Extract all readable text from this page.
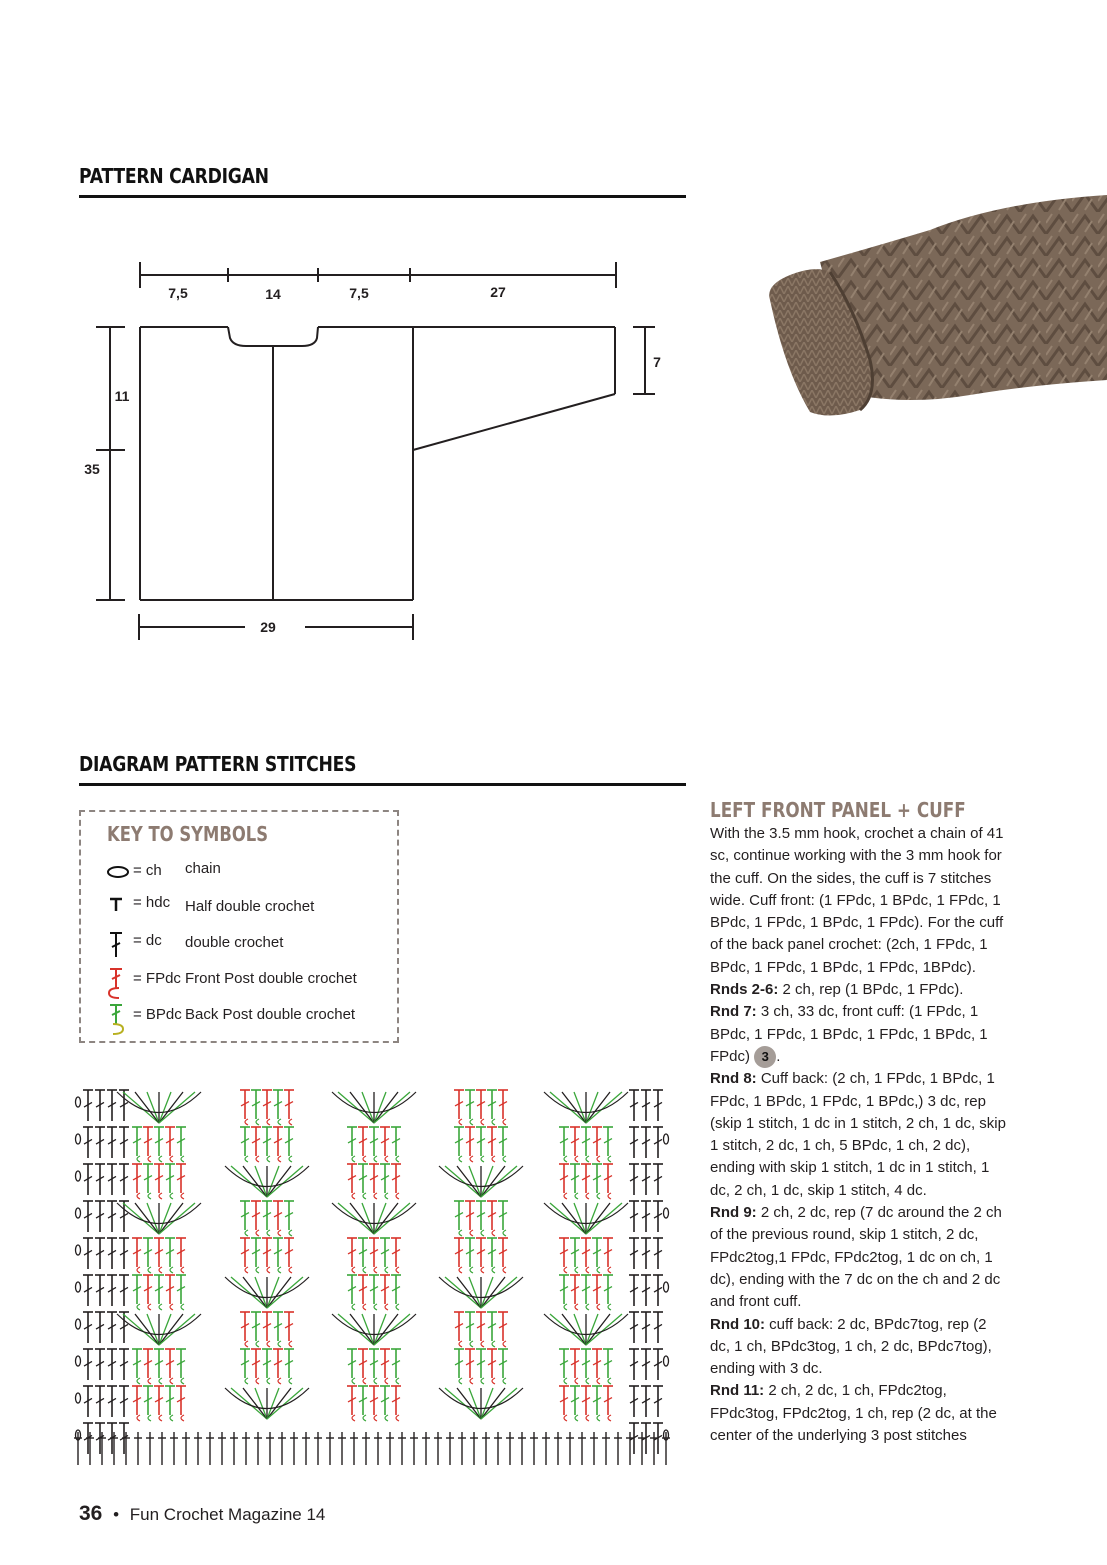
PATTERN CARDIGAN
7,5	14	7,5	27
11
35
7
29
DIAGRAM PATTERN STITCHES
KEY TO SYMBOLS
= ch chain
= hdc Half double crochet
= dc double crochet
= FPdc Front Post double crochet
= BPdc Back Post double crochet
LEFT FRONT PANEL + CUFF

With the 3.5 mm hook, crochet a chain of 41 sc, continue working with the 3 mm hook for the cuff. On the sides, the cuff is 7 stitches wide. Cuff front: (1 FPdc, 1 BPdc, 1 FPdc, 1 BPdc, 1 FPdc, 1 BPdc, 1 FPdc). For the cuff of the back panel crochet: (2ch, 1 FPdc, 1 BPdc, 1 FPdc, 1 BPdc, 1 FPdc, 1BPdc).

Rnds 2-6: 2 ch, rep (1 BPdc, 1 FPdc).

Rnd 7: 3 ch, 33 dc, front cuff: (1 FPdc, 1 BPdc, 1 FPdc, 1 BPdc, 1 FPdc, 1 BPdc, 1 FPdc) 3 .

Rnd 8: Cuff back: (2 ch, 1 FPdc, 1 BPdc, 1 FPdc, 1 BPdc, 1 FPdc, 1 BPdc,) 3 dc, rep (skip 1 stitch, 1 dc in 1 stitch, 2 ch, 1 dc, skip 1 stitch, 2 dc, 1 ch, 5 BPdc, 1 ch, 2 dc), ending with skip 1 stitch, 1 dc in 1 stitch, 1 dc, 2 ch, 1 dc, skip 1 stitch, 4 dc.

Rnd 9: 2 ch, 2 dc, rep (7 dc around the 2 ch of the previous round, skip 1 stitch, 2 dc, FPdc2tog,1 FPdc, FPdc2tog, 1 dc on ch, 1 dc), ending with the 7 dc on the ch and 2 dc and front cuff.

Rnd 10: cuff back: 2 dc, BPdc7tog, rep (2 dc, 1 ch, BPdc3tog, 1 ch, 2 dc, BPdc7tog), ending with 3 dc.

Rnd 11: 2 ch, 2 dc, 1 ch, FPdc2tog, FPdc3tog, FPdc2tog, 1 ch, rep (2 dc, at the center of the underlying 3 post stitches

36 • Fun Crochet Magazine 14
